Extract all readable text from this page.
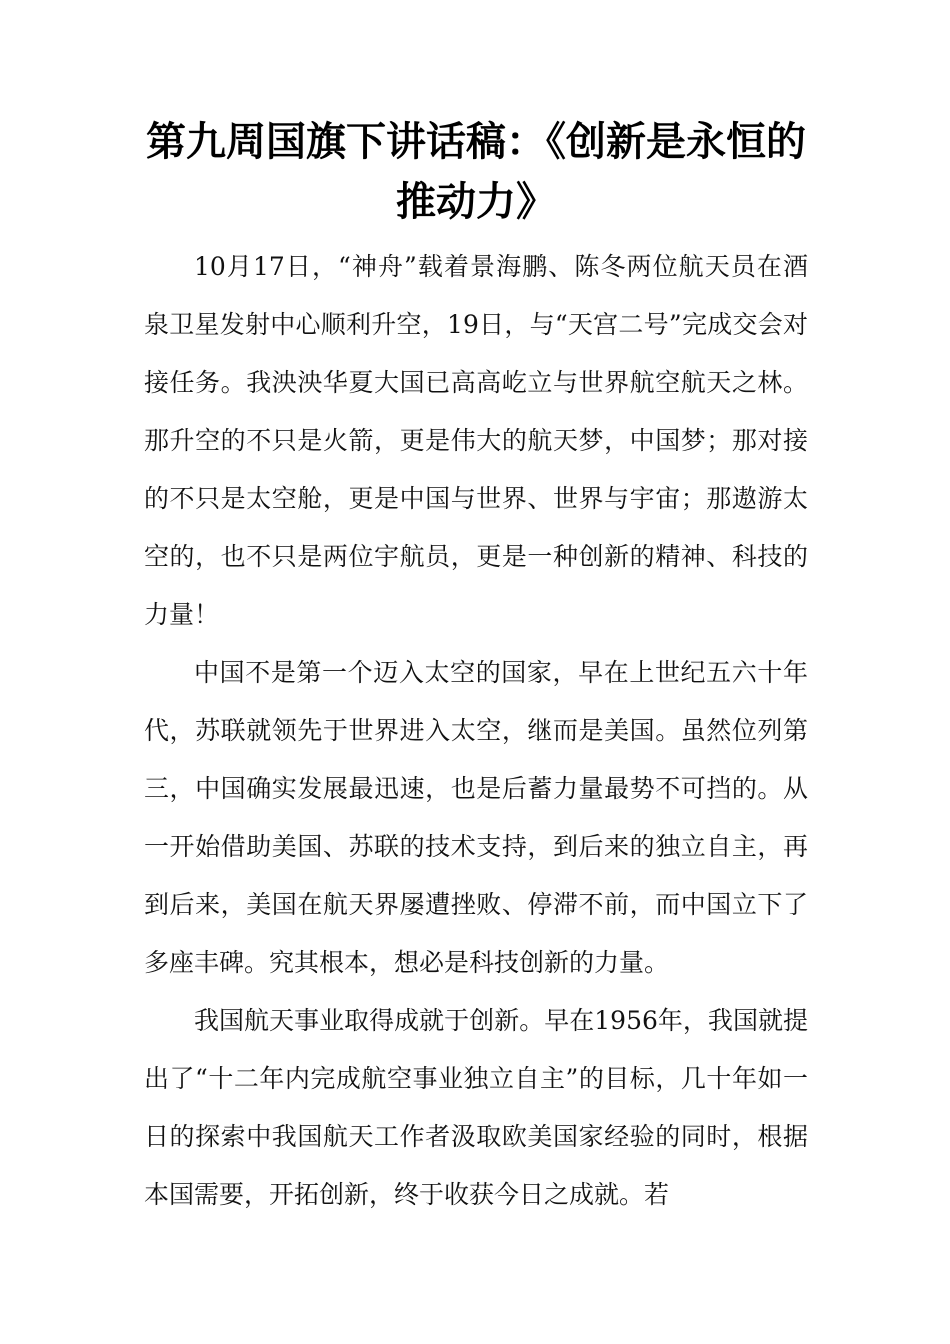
第九周国旗下讲话稿：《创新是永恒的推动力》

10月17日，“神舟”载着景海鹏、陈冬两位航天员在酒泉卫星发射中心顺利升空，19日，与“天宫二号”完成交会对接任务。我泱泱华夏大国已高高屹立与世界航空航天之林。那升空的不只是火箭，更是伟大的航天梦，中国梦；那对接的不只是太空舱，更是中国与世界、世界与宇宙；那遨游太空的，也不只是两位宇航员，更是一种创新的精神、科技的力量！

中国不是第一个迈入太空的国家，早在上世纪五六十年代，苏联就领先于世界进入太空，继而是美国。虽然位列第三，中国确实发展最迅速，也是后蓄力量最势不可挡的。从一开始借助美国、苏联的技术支持，到后来的独立自主，再到后来，美国在航天界屡遭挫败、停滞不前，而中国立下了多座丰碑。究其根本，想必是科技创新的力量。

我国航天事业取得成就于创新。早在1956年，我国就提出了“十二年内完成航空事业独立自主”的目标，几十年如一日的探索中我国航天工作者汲取欧美国家经验的同时，根据本国需要，开拓创新，终于收获今日之成就。若
